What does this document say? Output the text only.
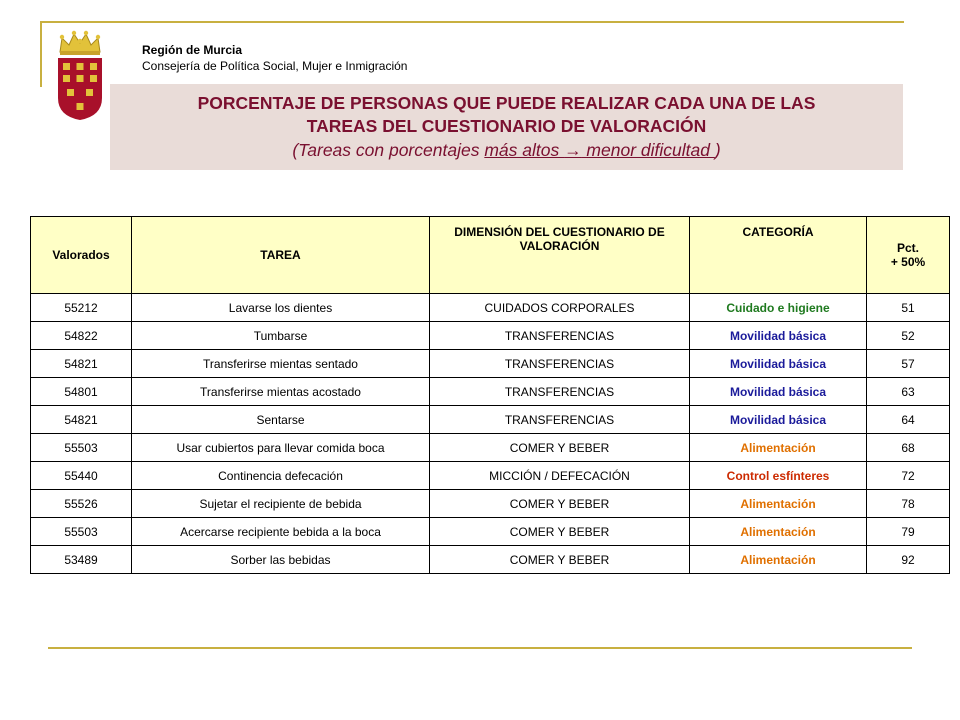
Región de Murcia
Consejería de Política Social, Mujer e Inmigración
PORCENTAJE DE PERSONAS QUE PUEDE REALIZAR CADA UNA DE LAS
TAREAS DEL CUESTIONARIO DE VALORACIÓN
(Tareas con porcentajes más altos → menor dificultad )
Valorados	TAREA	DIMENSIÓN DEL CUESTIONARIO DE VALORACIÓN	CATEGORÍA	Pct.
+ 50%

55212	Lavarse los dientes	CUIDADOS CORPORALES	Cuidado e higiene	51
54822	Tumbarse	TRANSFERENCIAS	Movilidad básica	52
54821	Transferirse mientas sentado	TRANSFERENCIAS	Movilidad básica	57
54801	Transferirse mientas acostado	TRANSFERENCIAS	Movilidad básica	63
54821	Sentarse	TRANSFERENCIAS	Movilidad básica	64
55503	Usar cubiertos para llevar comida boca	COMER Y BEBER	Alimentación	68
55440	Continencia defecación	MICCIÓN / DEFECACIÓN	Control esfínteres	72
55526	Sujetar el recipiente de bebida	COMER Y BEBER	Alimentación	78
55503	Acercarse recipiente bebida a la boca	COMER Y BEBER	Alimentación	79
53489	Sorber las bebidas	COMER Y BEBER	Alimentación	92
